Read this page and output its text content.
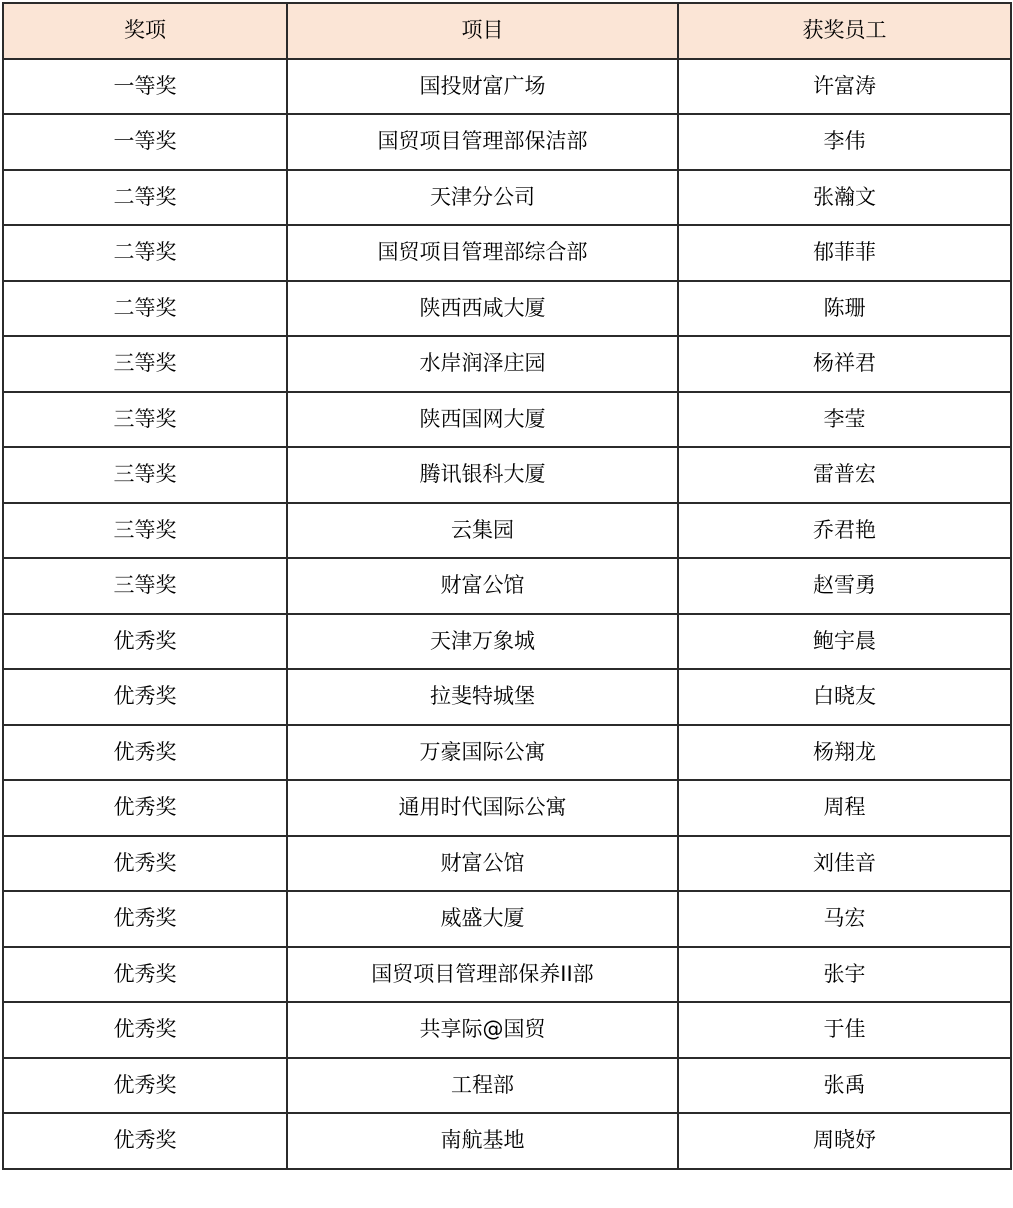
奖项	项目	获奖员工
一等奖	国投财富广场	许富涛
一等奖	国贸项目管理部保洁部	李伟
二等奖	天津分公司	张瀚文
二等奖	国贸项目管理部综合部	郁菲菲
二等奖	陕西西咸大厦	陈珊
三等奖	水岸润泽庄园	杨祥君
三等奖	陕西国网大厦	李莹
三等奖	腾讯银科大厦	雷普宏
三等奖	云集园	乔君艳
三等奖	财富公馆	赵雪勇
优秀奖	天津万象城	鲍宇晨
优秀奖	拉斐特城堡	白晓友
优秀奖	万豪国际公寓	杨翔龙
优秀奖	通用时代国际公寓	周程
优秀奖	财富公馆	刘佳音
优秀奖	威盛大厦	马宏
优秀奖	国贸项目管理部保养II部	张宇
优秀奖	共享际@国贸	于佳
优秀奖	工程部	张禹
优秀奖	南航基地	周晓妤
